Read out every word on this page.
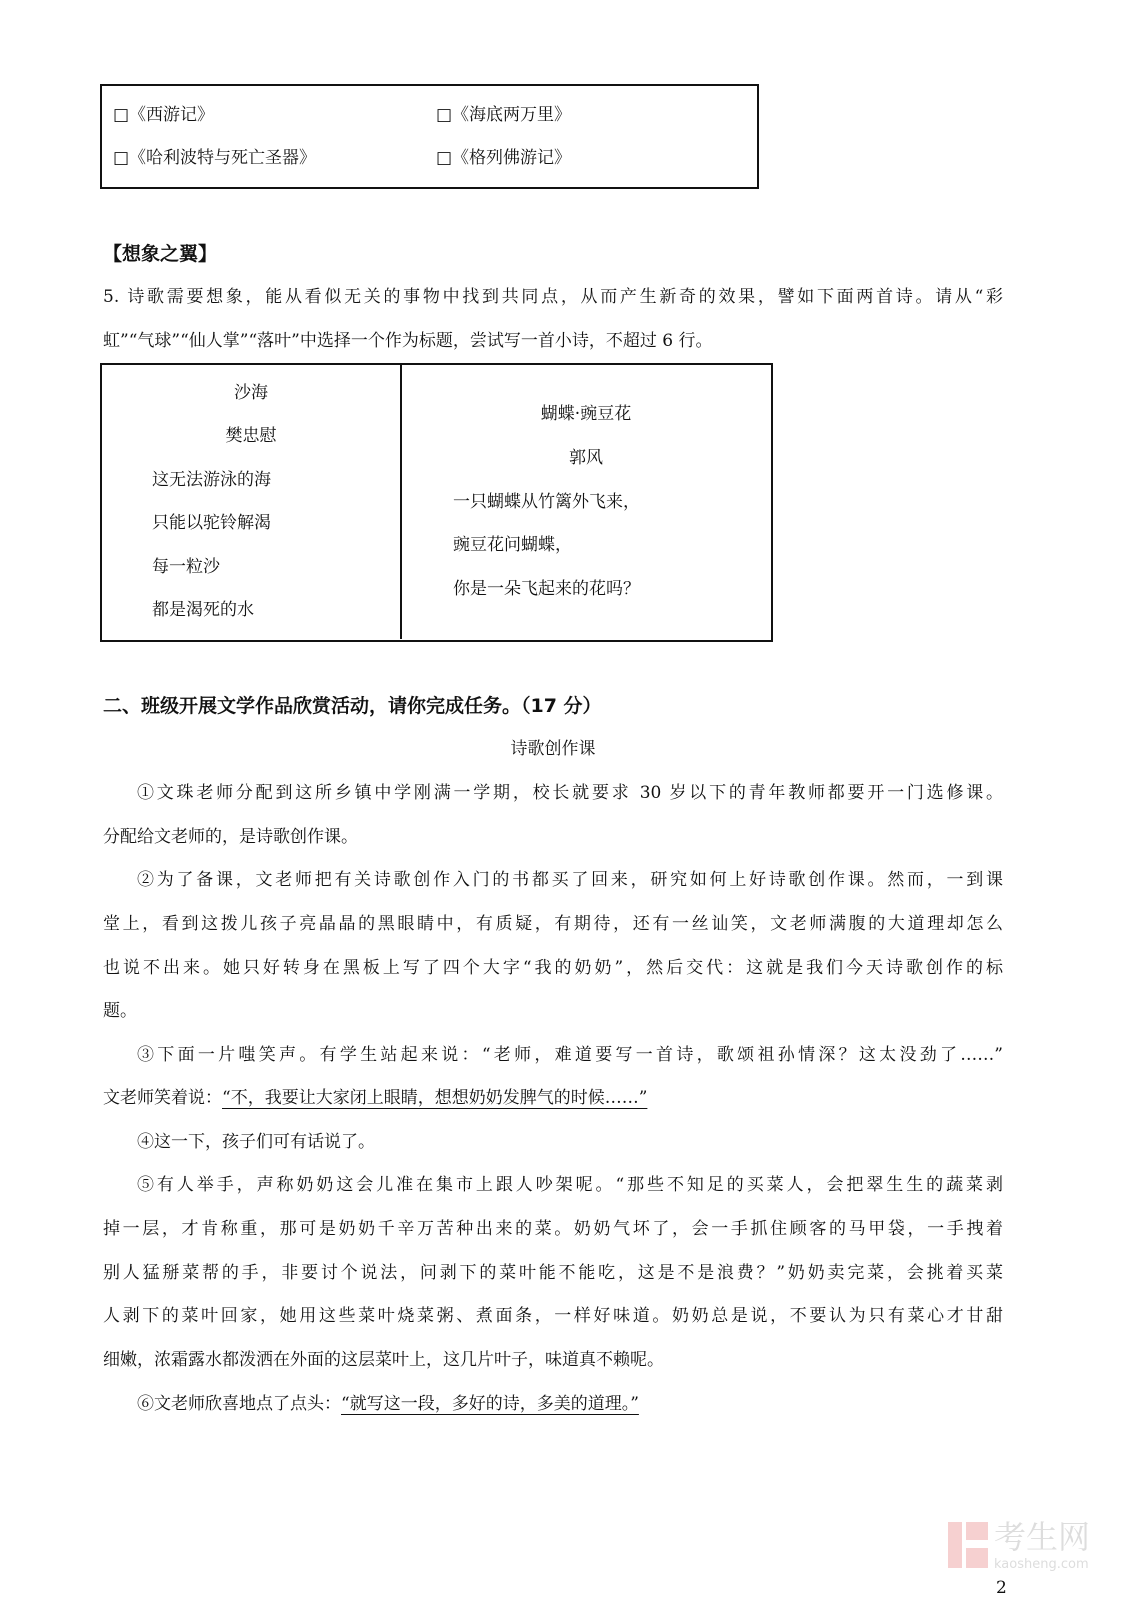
□《西游记》	□《海底两万里》
□《哈利波特与死亡圣器》	□《格列佛游记》
【想象之翼】
5. 诗歌需要想象，能从看似无关的事物中找到共同点，从而产生新奇的效果，譬如下面两首诗。请从“彩
虹”“气球”“仙人掌”“落叶”中选择一个作为标题，尝试写一首小诗，不超过 6 行。
沙海
樊忠慰
这无法游泳的海
只能以驼铃解渴
每一粒沙
都是渴死的水
蝴蝶·豌豆花
郭风
一只蝴蝶从竹篱外飞来，
豌豆花问蝴蝶，
你是一朵飞起来的花吗？
二、班级开展文学作品欣赏活动，请你完成任务。（17 分）
诗歌创作课
①文珠老师分配到这所乡镇中学刚满一学期，校长就要求 30 岁以下的青年教师都要开一门选修课。
分配给文老师的，是诗歌创作课。
②为了备课，文老师把有关诗歌创作入门的书都买了回来，研究如何上好诗歌创作课。然而，一到课
堂上，看到这拨儿孩子亮晶晶的黑眼睛中，有质疑，有期待，还有一丝讪笑，文老师满腹的大道理却怎么
也说不出来。她只好转身在黑板上写了四个大字“我的奶奶”，然后交代：这就是我们今天诗歌创作的标
题。
③下面一片嗤笑声。有学生站起来说：“老师，难道要写一首诗，歌颂祖孙情深？这太没劲了……”
文老师笑着说：“不，我要让大家闭上眼睛，想想奶奶发脾气的时候……”
④这一下，孩子们可有话说了。
⑤有人举手，声称奶奶这会儿准在集市上跟人吵架呢。“那些不知足的买菜人，会把翠生生的蔬菜剥
掉一层，才肯称重，那可是奶奶千辛万苦种出来的菜。奶奶气坏了，会一手抓住顾客的马甲袋，一手拽着
别人猛掰菜帮的手，非要讨个说法，问剥下的菜叶能不能吃，这是不是浪费？”奶奶卖完菜，会挑着买菜
人剥下的菜叶回家，她用这些菜叶烧菜粥、煮面条，一样好味道。奶奶总是说，不要认为只有菜心才甘甜
细嫩，浓霜露水都泼洒在外面的这层菜叶上，这几片叶子，味道真不赖呢。
⑥文老师欣喜地点了点头：“就写这一段，多好的诗，多美的道理。”
考生网
kaosheng.com
2
